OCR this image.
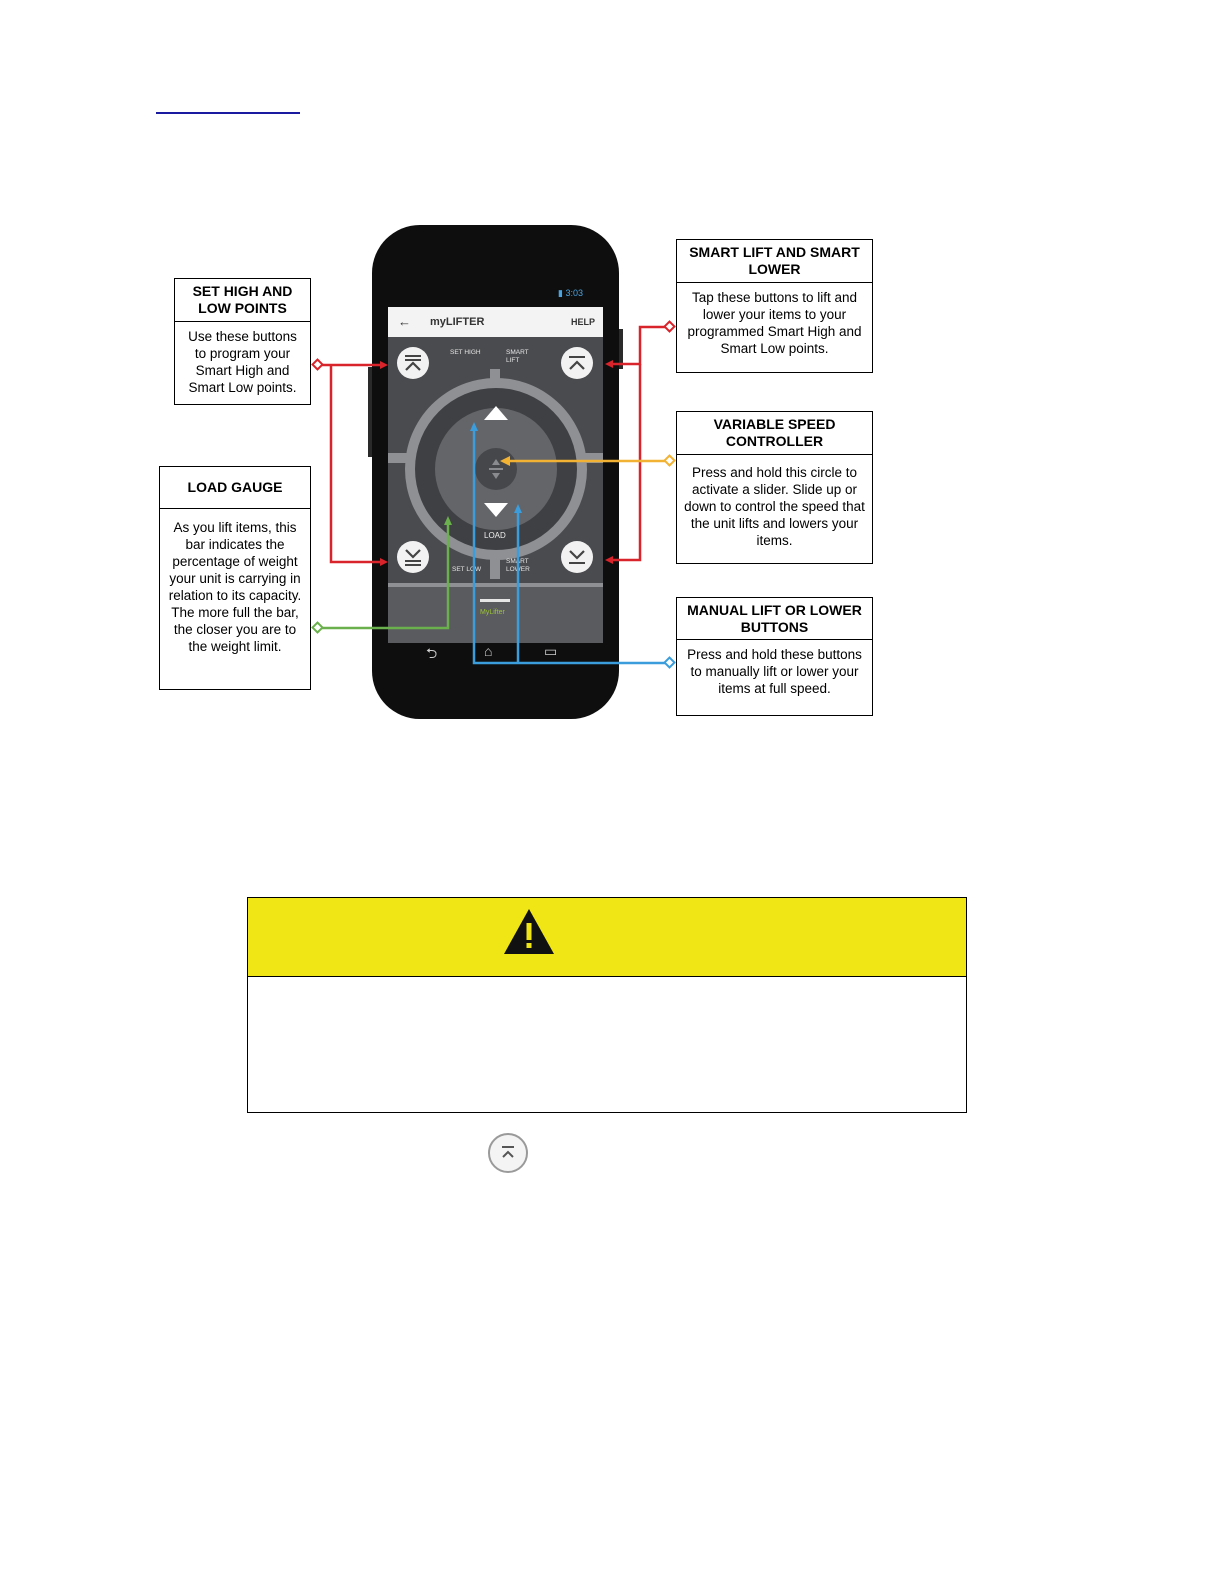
SET HIGH AND LOW POINTS
Use these buttons to program your Smart High and Smart Low points.
LOAD GAUGE
As you lift items, this bar indicates the percentage of weight your unit is carrying in relation to its capacity. The more full the bar, the closer you are to the weight limit.
SMART LIFT AND SMART LOWER
Tap these buttons to lift and lower your items to your programmed Smart High and Smart Low points.
VARIABLE SPEED CONTROLLER
Press and hold this circle to activate a slider. Slide up or down to control the speed that the unit lifts and lowers your items.
MANUAL LIFT OR LOWER BUTTONS
Press and hold these buttons to manually lift or lower your items at full speed.
▮ 3:03
← myLIFTER	HELP
LOAD
SET HIGH	SMART LIFT
SET LOW
SMART LOWER
MyLifter
⮌	⌂	▭
